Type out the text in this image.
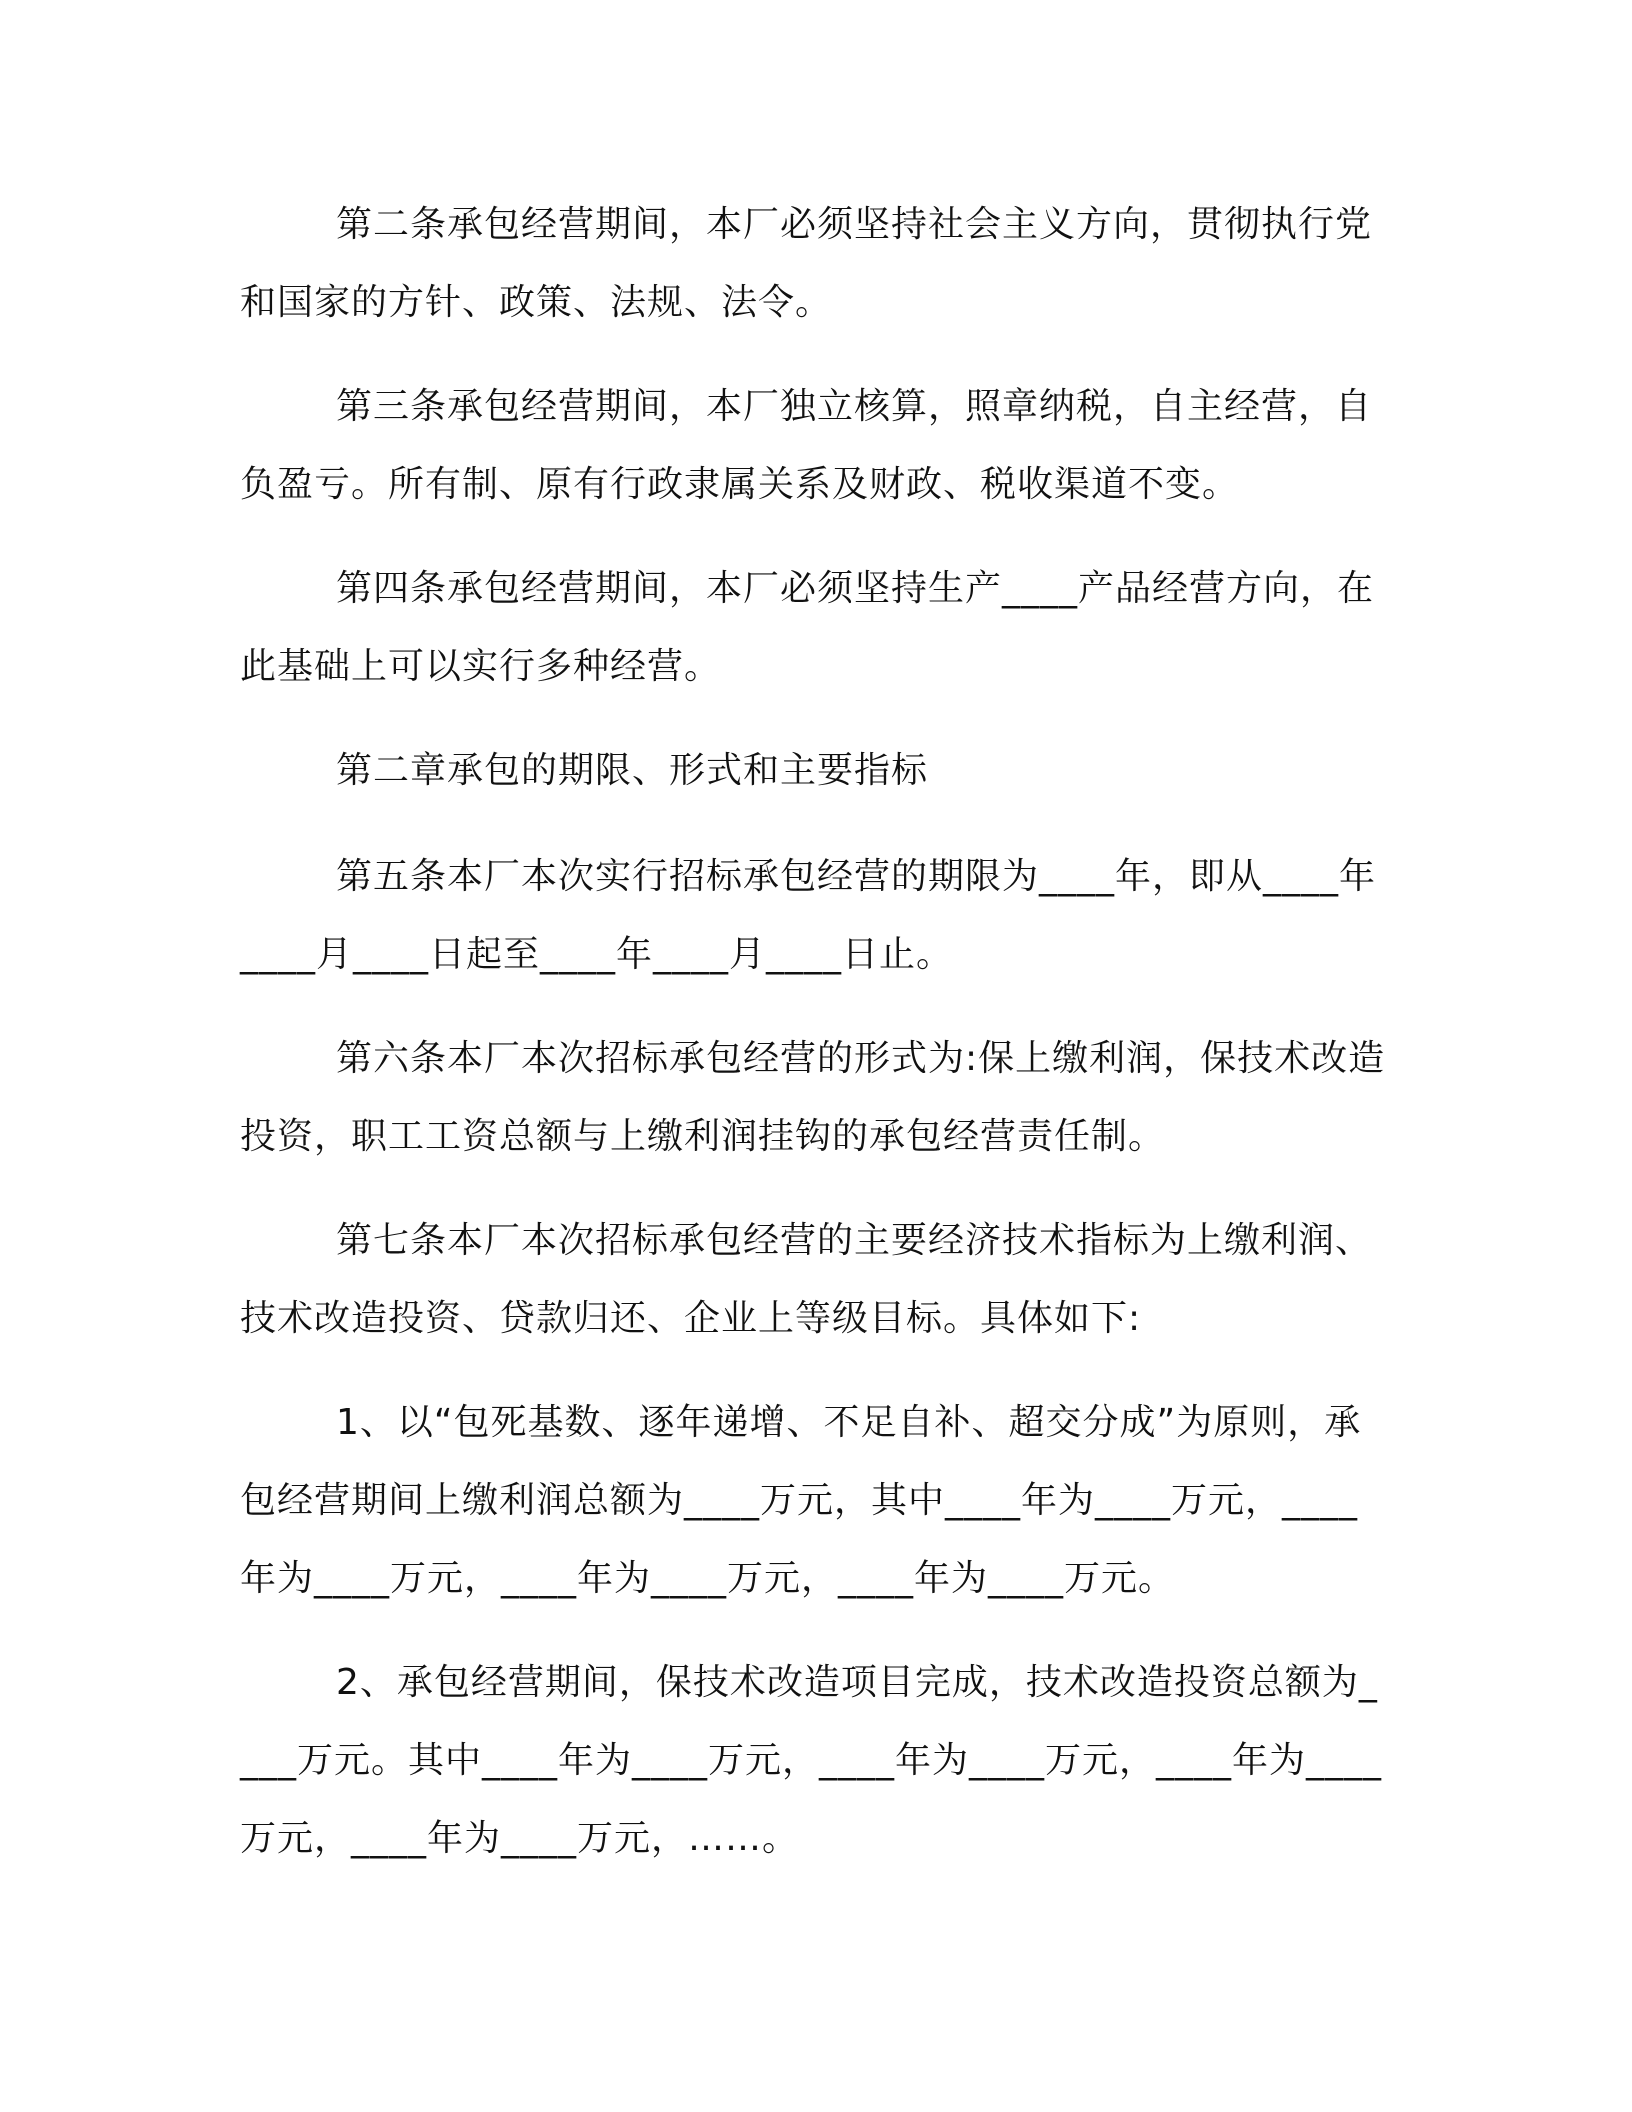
第二条承包经营期间，本厂必须坚持社会主义方向，贯彻执行党和国家的方针、政策、法规、法令。

第三条承包经营期间，本厂独立核算，照章纳税，自主经营，自负盈亏。所有制、原有行政隶属关系及财政、税收渠道不变。

第四条承包经营期间，本厂必须坚持生产____产品经营方向，在此基础上可以实行多种经营。

第二章承包的期限、形式和主要指标

第五条本厂本次实行招标承包经营的期限为____年，即从____年____月____日起至____年____月____日止。

第六条本厂本次招标承包经营的形式为:保上缴利润，保技术改造投资，职工工资总额与上缴利润挂钩的承包经营责任制。

第七条本厂本次招标承包经营的主要经济技术指标为上缴利润、技术改造投资、贷款归还、企业上等级目标。具体如下:

1、以“包死基数、逐年递增、不足自补、超交分成”为原则，承包经营期间上缴利润总额为____万元，其中____年为____万元，____年为____万元，____年为____万元，____年为____万元。

2、承包经营期间，保技术改造项目完成，技术改造投资总额为____万元。其中____年为____万元，____年为____万元，____年为____万元，____年为____万元，……。
